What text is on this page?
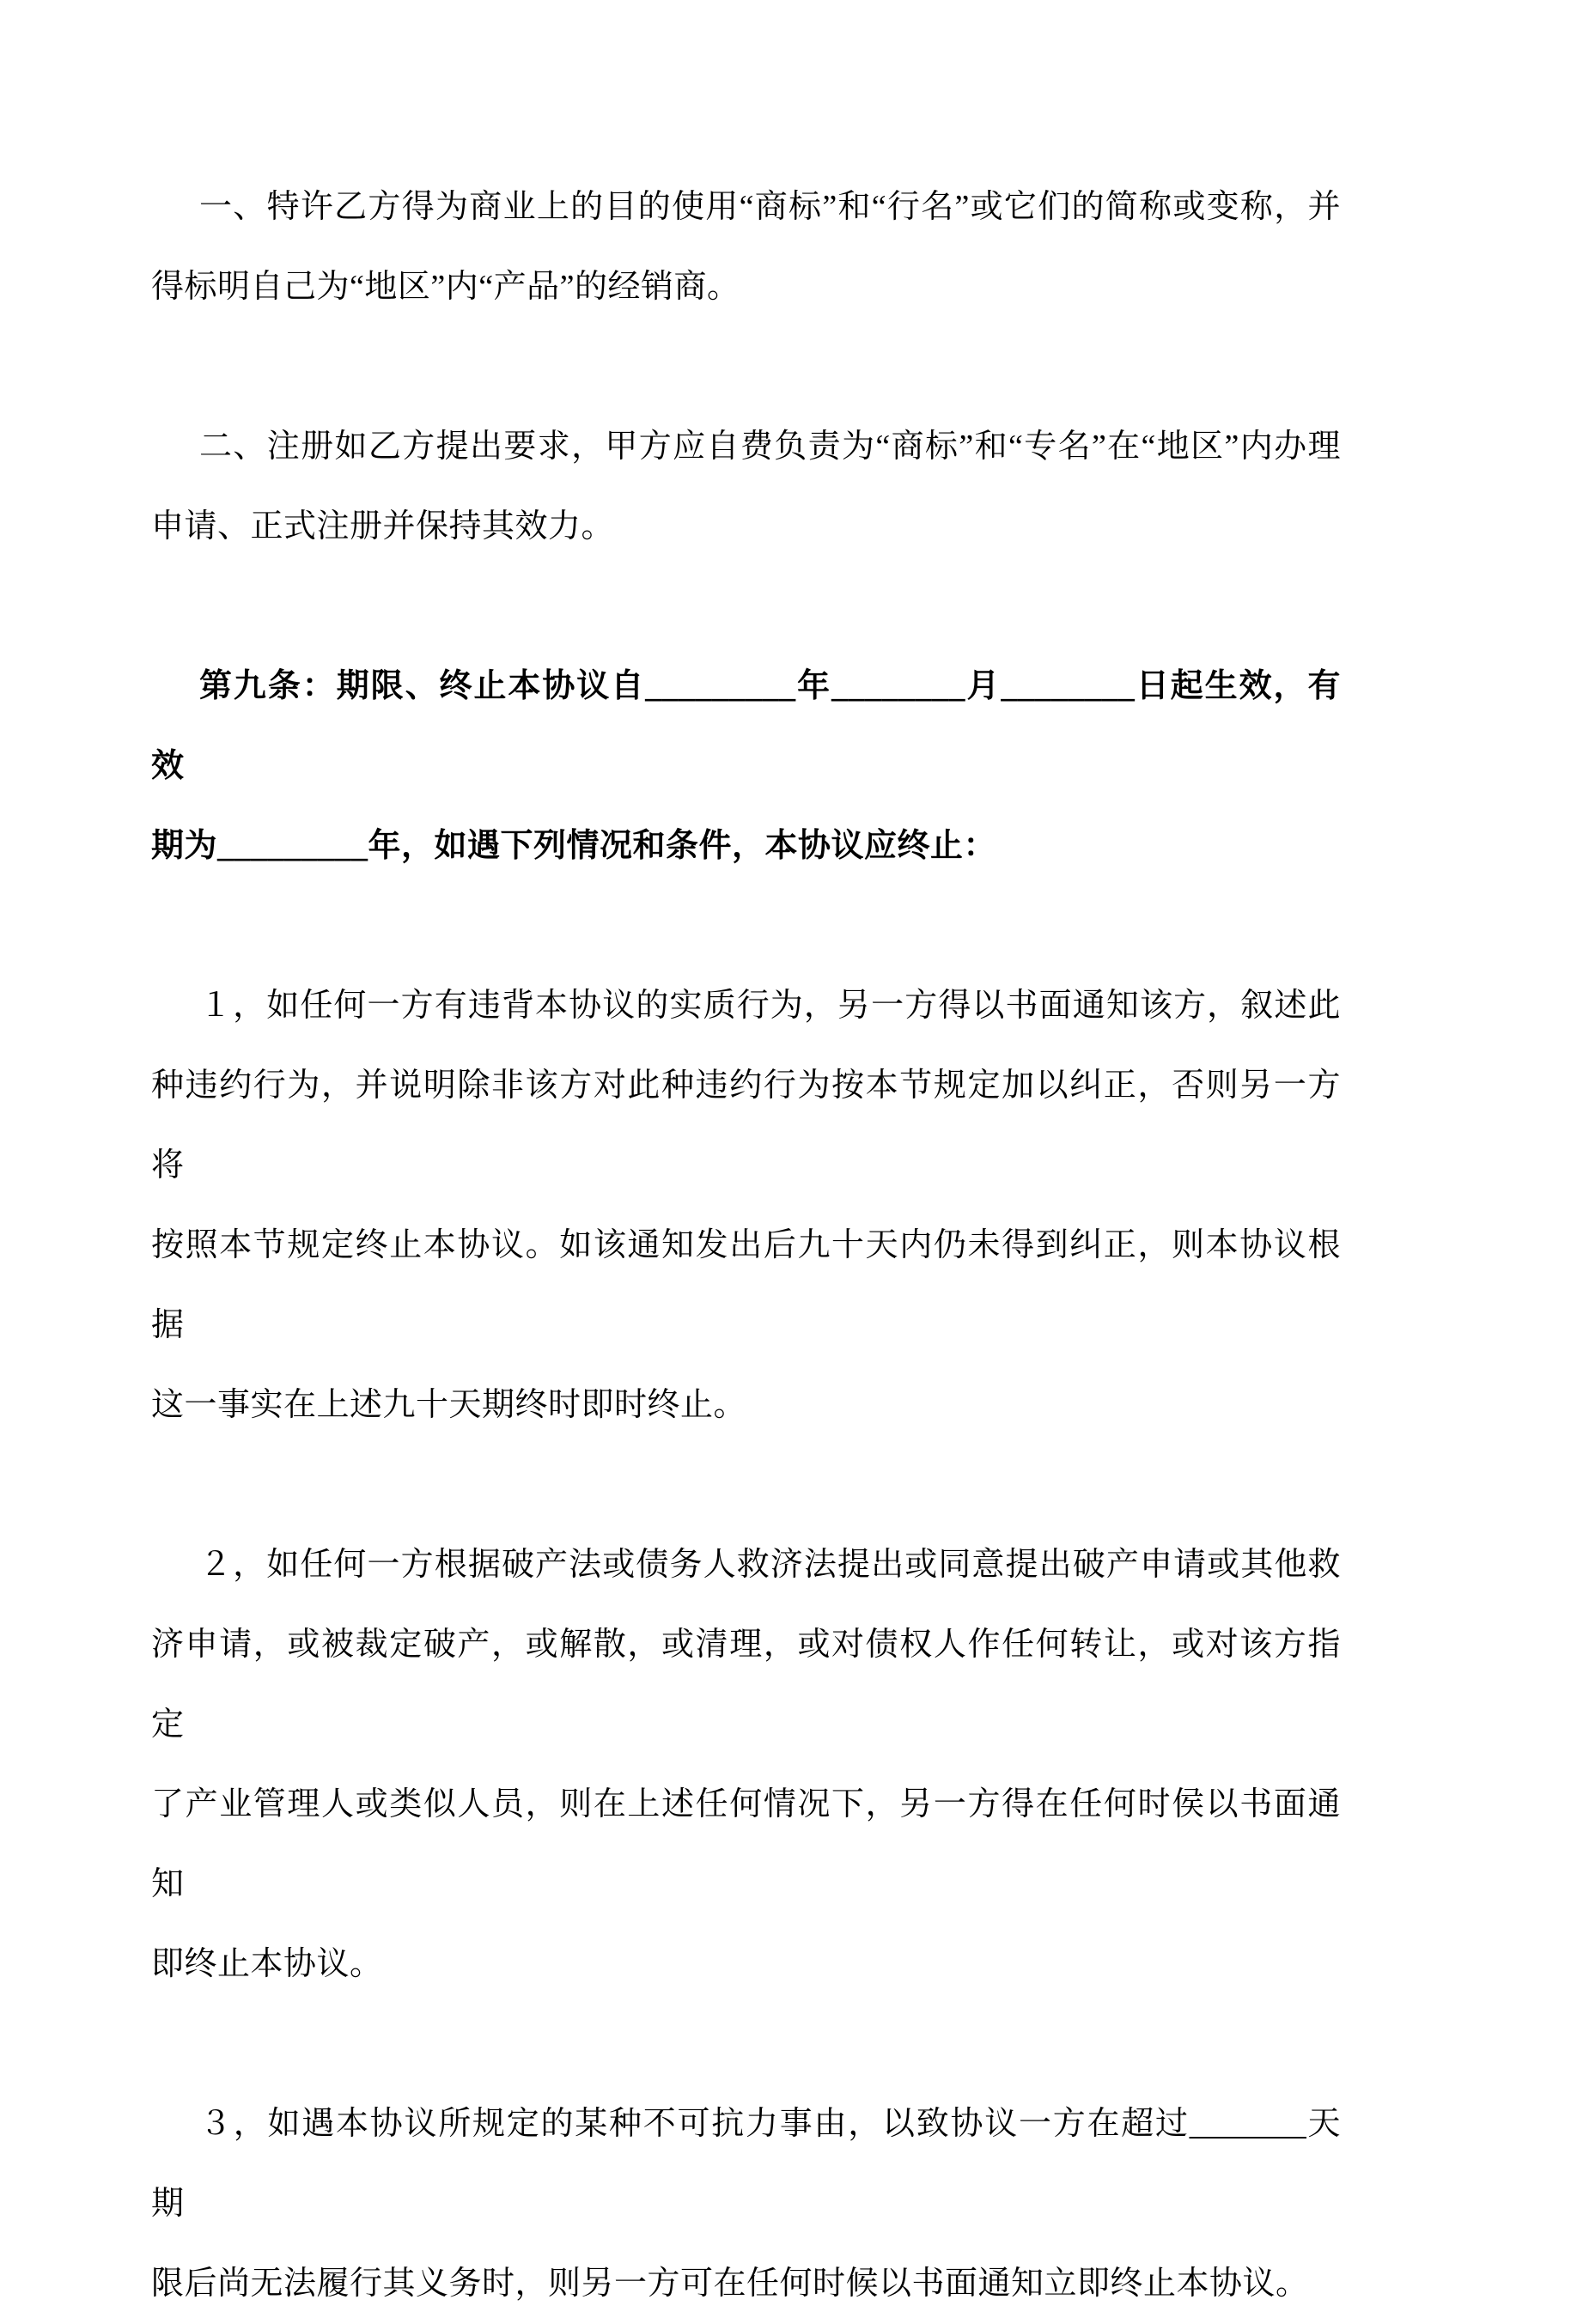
一、特许乙方得为商业上的目的使用“商标”和“行名”或它们的简称或变称，并
得标明自己为“地区”内“产品”的经销商。

二、注册如乙方提出要求，甲方应自费负责为“商标”和“专名”在“地区”内办理
申请、正式注册并保持其效力。

第九条：期限、终止本协议自_________年________月________日起生效，有效
期为_________年，如遇下列情况和条件，本协议应终止：

１，如任何一方有违背本协议的实质行为，另一方得以书面通知该方，叙述此
种违约行为，并说明除非该方对此种违约行为按本节规定加以纠正，否则另一方将
按照本节规定终止本协议。如该通知发出后九十天内仍未得到纠正，则本协议根据
这一事实在上述九十天期终时即时终止。

２，如任何一方根据破产法或债务人救济法提出或同意提出破产申请或其他救
济申请，或被裁定破产，或解散，或清理，或对债权人作任何转让，或对该方指定
了产业管理人或类似人员，则在上述任何情况下，另一方得在任何时侯以书面通知
即终止本协议。

３，如遇本协议所规定的某种不可抗力事由，以致协议一方在超过_______天期
限后尚无法履行其义务时，则另一方可在任何时候以书面通知立即终止本协议。
